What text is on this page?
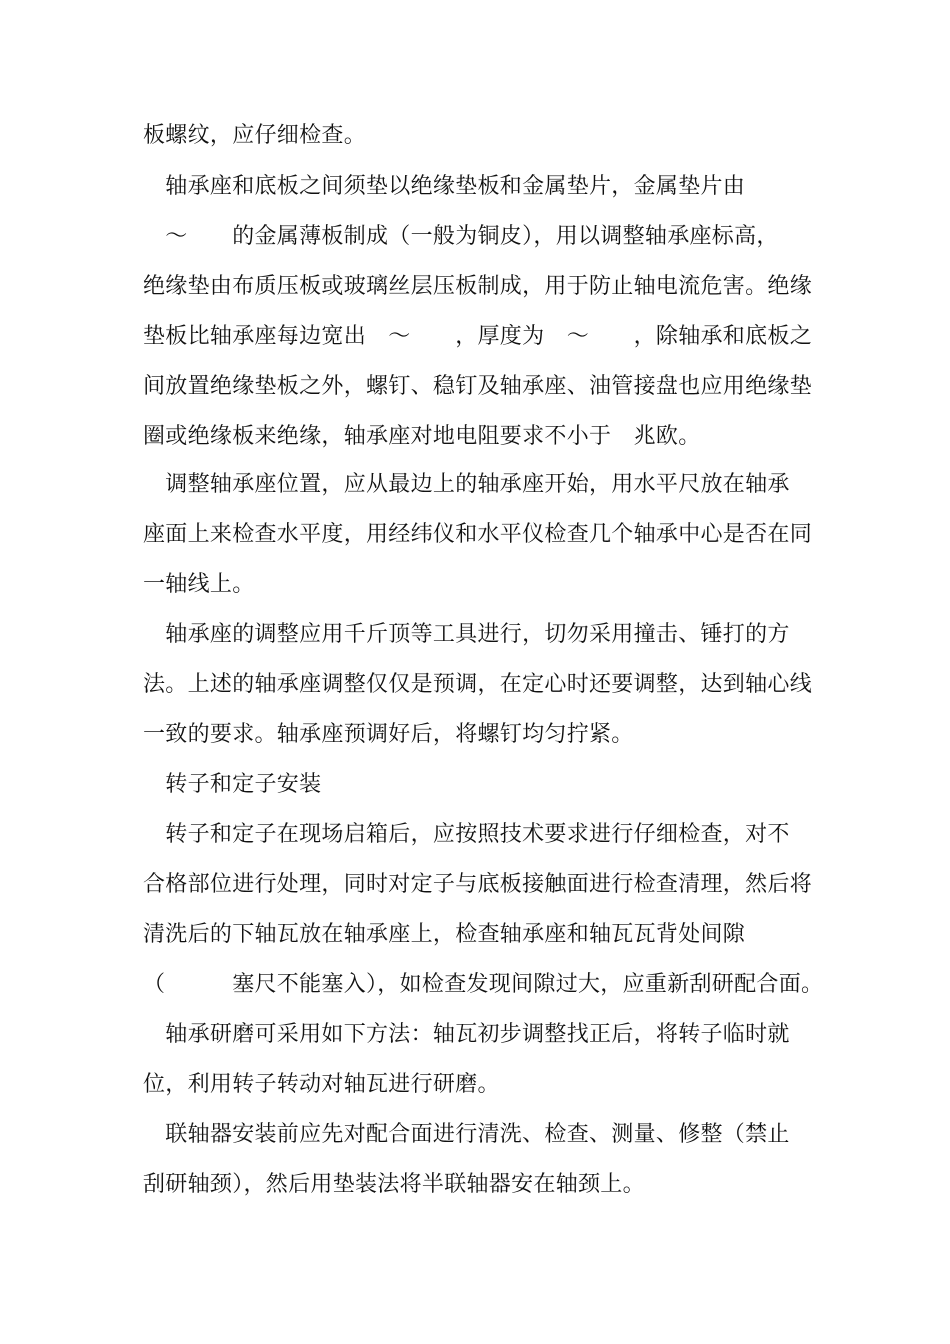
板螺纹，应仔细检查。
　轴承座和底板之间须垫以绝缘垫板和金属垫片，金属垫片由
　～　　的金属薄板制成（一般为铜皮），用以调整轴承座标高，
绝缘垫由布质压板或玻璃丝层压板制成，用于防止轴电流危害。绝缘
垫板比轴承座每边宽出　～　　，厚度为　～　　，除轴承和底板之
间放置绝缘垫板之外，螺钉、稳钉及轴承座、油管接盘也应用绝缘垫
圈或绝缘板来绝缘，轴承座对地电阻要求不小于　兆欧。
　调整轴承座位置，应从最边上的轴承座开始，用水平尺放在轴承
座面上来检查水平度，用经纬仪和水平仪检查几个轴承中心是否在同
一轴线上。
　轴承座的调整应用千斤顶等工具进行，切勿采用撞击、锤打的方
法。上述的轴承座调整仅仅是预调，在定心时还要调整，达到轴心线
一致的要求。轴承座预调好后，将螺钉均匀拧紧。
　转子和定子安装
　转子和定子在现场启箱后，应按照技术要求进行仔细检查，对不
合格部位进行处理，同时对定子与底板接触面进行检查清理，然后将
清洗后的下轴瓦放在轴承座上，检查轴承座和轴瓦瓦背处间隙
（　　　塞尺不能塞入），如检查发现间隙过大，应重新刮研配合面。
　轴承研磨可采用如下方法：轴瓦初步调整找正后，将转子临时就
位，利用转子转动对轴瓦进行研磨。
　联轴器安装前应先对配合面进行清洗、检查、测量、修整（禁止
刮研轴颈），然后用垫装法将半联轴器安在轴颈上。
